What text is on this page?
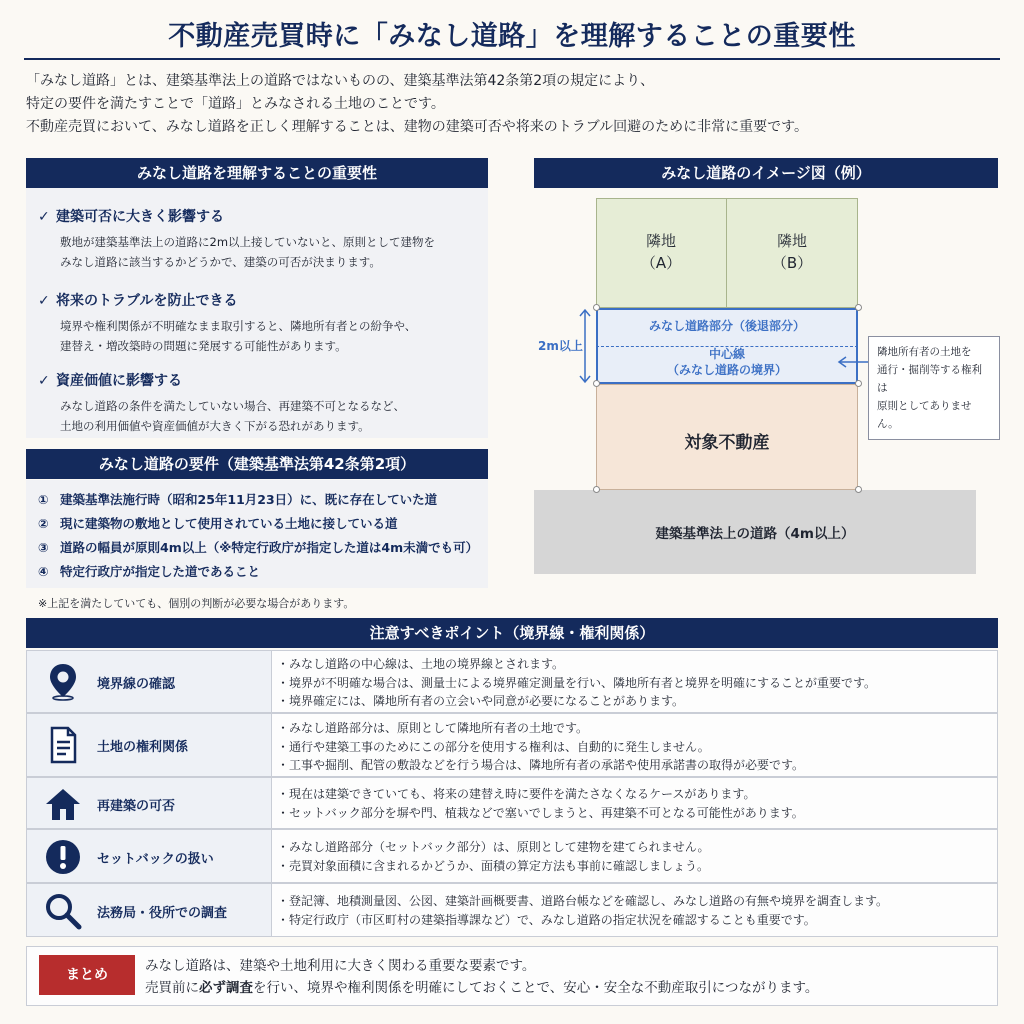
不動産売買時に「みなし道路」を理解することの重要性
「みなし道路」とは、建築基準法上の道路ではないものの、建築基準法第42条第2項の規定により、
特定の要件を満たすことで「道路」とみなされる土地のことです。
不動産売買において、みなし道路を正しく理解することは、建物の建築可否や将来のトラブル回避のために非常に重要です。
みなし道路を理解することの重要性
✓ 建築可否に大きく影響する
敷地が建築基準法上の道路に2m以上接していないと、原則として建物を
みなし道路に該当するかどうかで、建築の可否が決まります。
✓ 将来のトラブルを防止できる
境界や権利関係が不明確なまま取引すると、隣地所有者との紛争や、
建替え・増改築時の問題に発展する可能性があります。
✓ 資産価値に影響する
みなし道路の条件を満たしていない場合、再建築不可となるなど、
土地の利用価値や資産価値が大きく下がる恐れがあります。
みなし道路の要件（建築基準法第42条第2項）
① 建築基準法施行時（昭和25年11月23日）に、既に存在していた道
② 現に建築物の敷地として使用されている土地に接している道
③ 道路の幅員が原則4m以上（※特定行政庁が指定した道は4m未満でも可）
④ 特定行政庁が指定した道であること
※上記を満たしていても、個別の判断が必要な場合があります。
みなし道路のイメージ図（例）
隣地
（A）
隣地
（B）
みなし道路部分（後退部分）
中心線
（みなし道路の境界）
2m以上	隣地所有者の土地を
通行・掘削等する権利は
原則としてありません。
対象不動産
建築基準法上の道路（4m以上）
注意すべきポイント（境界線・権利関係）
境界線の確認
・みなし道路の中心線は、土地の境界線とされます。
・境界が不明確な場合は、測量士による境界確定測量を行い、隣地所有者と境界を明確にすることが重要です。
・境界確定には、隣地所有者の立会いや同意が必要になることがあります。
土地の権利関係
・みなし道路部分は、原則として隣地所有者の土地です。
・通行や建築工事のためにこの部分を使用する権利は、自動的に発生しません。
・工事や掘削、配管の敷設などを行う場合は、隣地所有者の承諾や使用承諾書の取得が必要です。
再建築の可否
・現在は建築できていても、将来の建替え時に要件を満たさなくなるケースがあります。
・セットバック部分を塀や門、植栽などで塞いでしまうと、再建築不可となる可能性があります。
セットバックの扱い
・みなし道路部分（セットバック部分）は、原則として建物を建てられません。
・売買対象面積に含まれるかどうか、面積の算定方法も事前に確認しましょう。
法務局・役所での調査
・登記簿、地積測量図、公図、建築計画概要書、道路台帳などを確認し、みなし道路の有無や境界を調査します。
・特定行政庁（市区町村の建築指導課など）で、みなし道路の指定状況を確認することも重要です。
まとめ
みなし道路は、建築や土地利用に大きく関わる重要な要素です。
売買前に必ず調査を行い、境界や権利関係を明確にしておくことで、安心・安全な不動産取引につながります。
